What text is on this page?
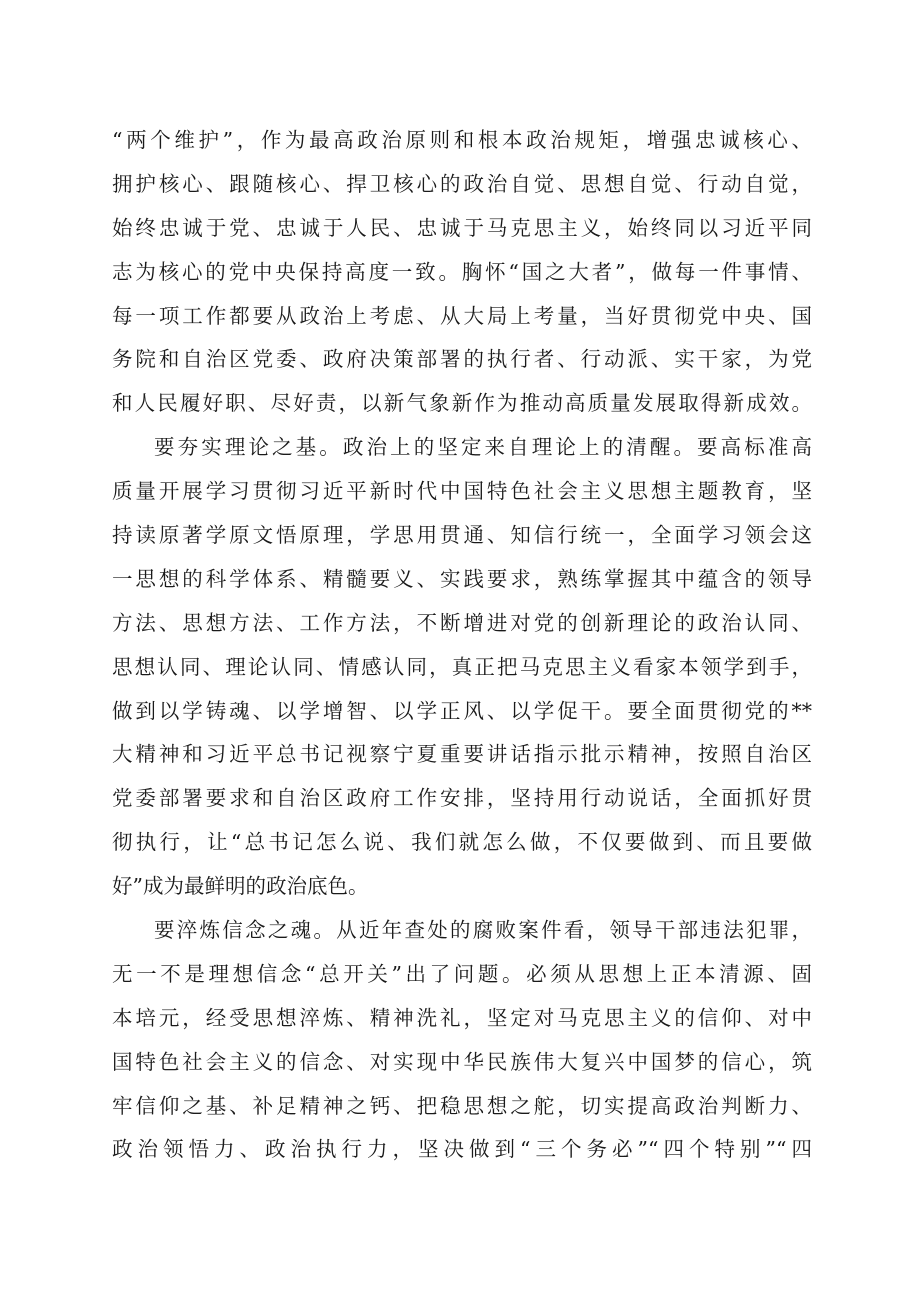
“两个维护”，作为最高政治原则和根本政治规矩，增强忠诚核心、
拥护核心、跟随核心、捍卫核心的政治自觉、思想自觉、行动自觉，
始终忠诚于党、忠诚于人民、忠诚于马克思主义，始终同以习近平同
志为核心的党中央保持高度一致。胸怀“国之大者”，做每一件事情、
每一项工作都要从政治上考虑、从大局上考量，当好贯彻党中央、国
务院和自治区党委、政府决策部署的执行者、行动派、实干家，为党
和人民履好职、尽好责，以新气象新作为推动高质量发展取得新成效。
要夯实理论之基。政治上的坚定来自理论上的清醒。要高标准高
质量开展学习贯彻习近平新时代中国特色社会主义思想主题教育，坚
持读原著学原文悟原理，学思用贯通、知信行统一，全面学习领会这
一思想的科学体系、精髓要义、实践要求，熟练掌握其中蕴含的领导
方法、思想方法、工作方法，不断增进对党的创新理论的政治认同、
思想认同、理论认同、情感认同，真正把马克思主义看家本领学到手，
做到以学铸魂、以学增智、以学正风、以学促干。要全面贯彻党的**
大精神和习近平总书记视察宁夏重要讲话指示批示精神，按照自治区
党委部署要求和自治区政府工作安排，坚持用行动说话，全面抓好贯
彻执行，让“总书记怎么说、我们就怎么做，不仅要做到、而且要做
好”成为最鲜明的政治底色。
要淬炼信念之魂。从近年查处的腐败案件看，领导干部违法犯罪，
无一不是理想信念“总开关”出了问题。必须从思想上正本清源、固
本培元，经受思想淬炼、精神洗礼，坚定对马克思主义的信仰、对中
国特色社会主义的信念、对实现中华民族伟大复兴中国梦的信心，筑
牢信仰之基、补足精神之钙、把稳思想之舵，切实提高政治判断力、
政治领悟力、政治执行力，坚决做到“三个务必”“四个特别”“四
